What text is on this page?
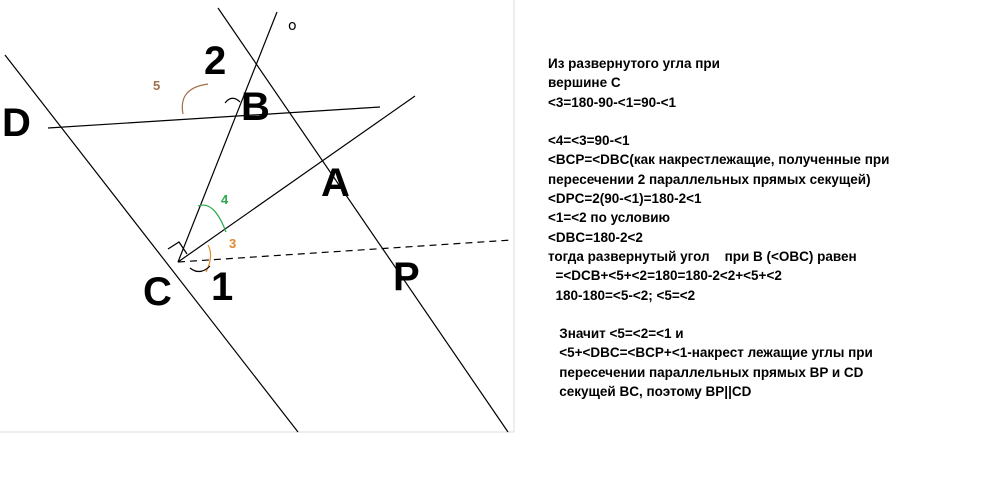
D	B
A
C	P
o
2
1
5
4
3
Из развернутого угла при
вершине С
<3=180-90-<1=90-<1
<4=<3=90-<1
<BCP=<DBC(как накрестлежащие, полученные при
пересечении 2 параллельных прямых секущей)
<DPC=2(90-<1)=180-2<1
<1=<2 по условию
<DBC=180-2<2
тогда развернутый угол    при В (<OBC) равен
=<DCB+<5+<2=180=180-2<2+<5+<2
180-180=<5-<2; <5=<2
Значит <5=<2=<1 и
<5+<DBC=<BCP+<1-накрест лежащие углы при
пересечении параллельных прямых BP и CD
секущей BC, поэтому BP||CD
